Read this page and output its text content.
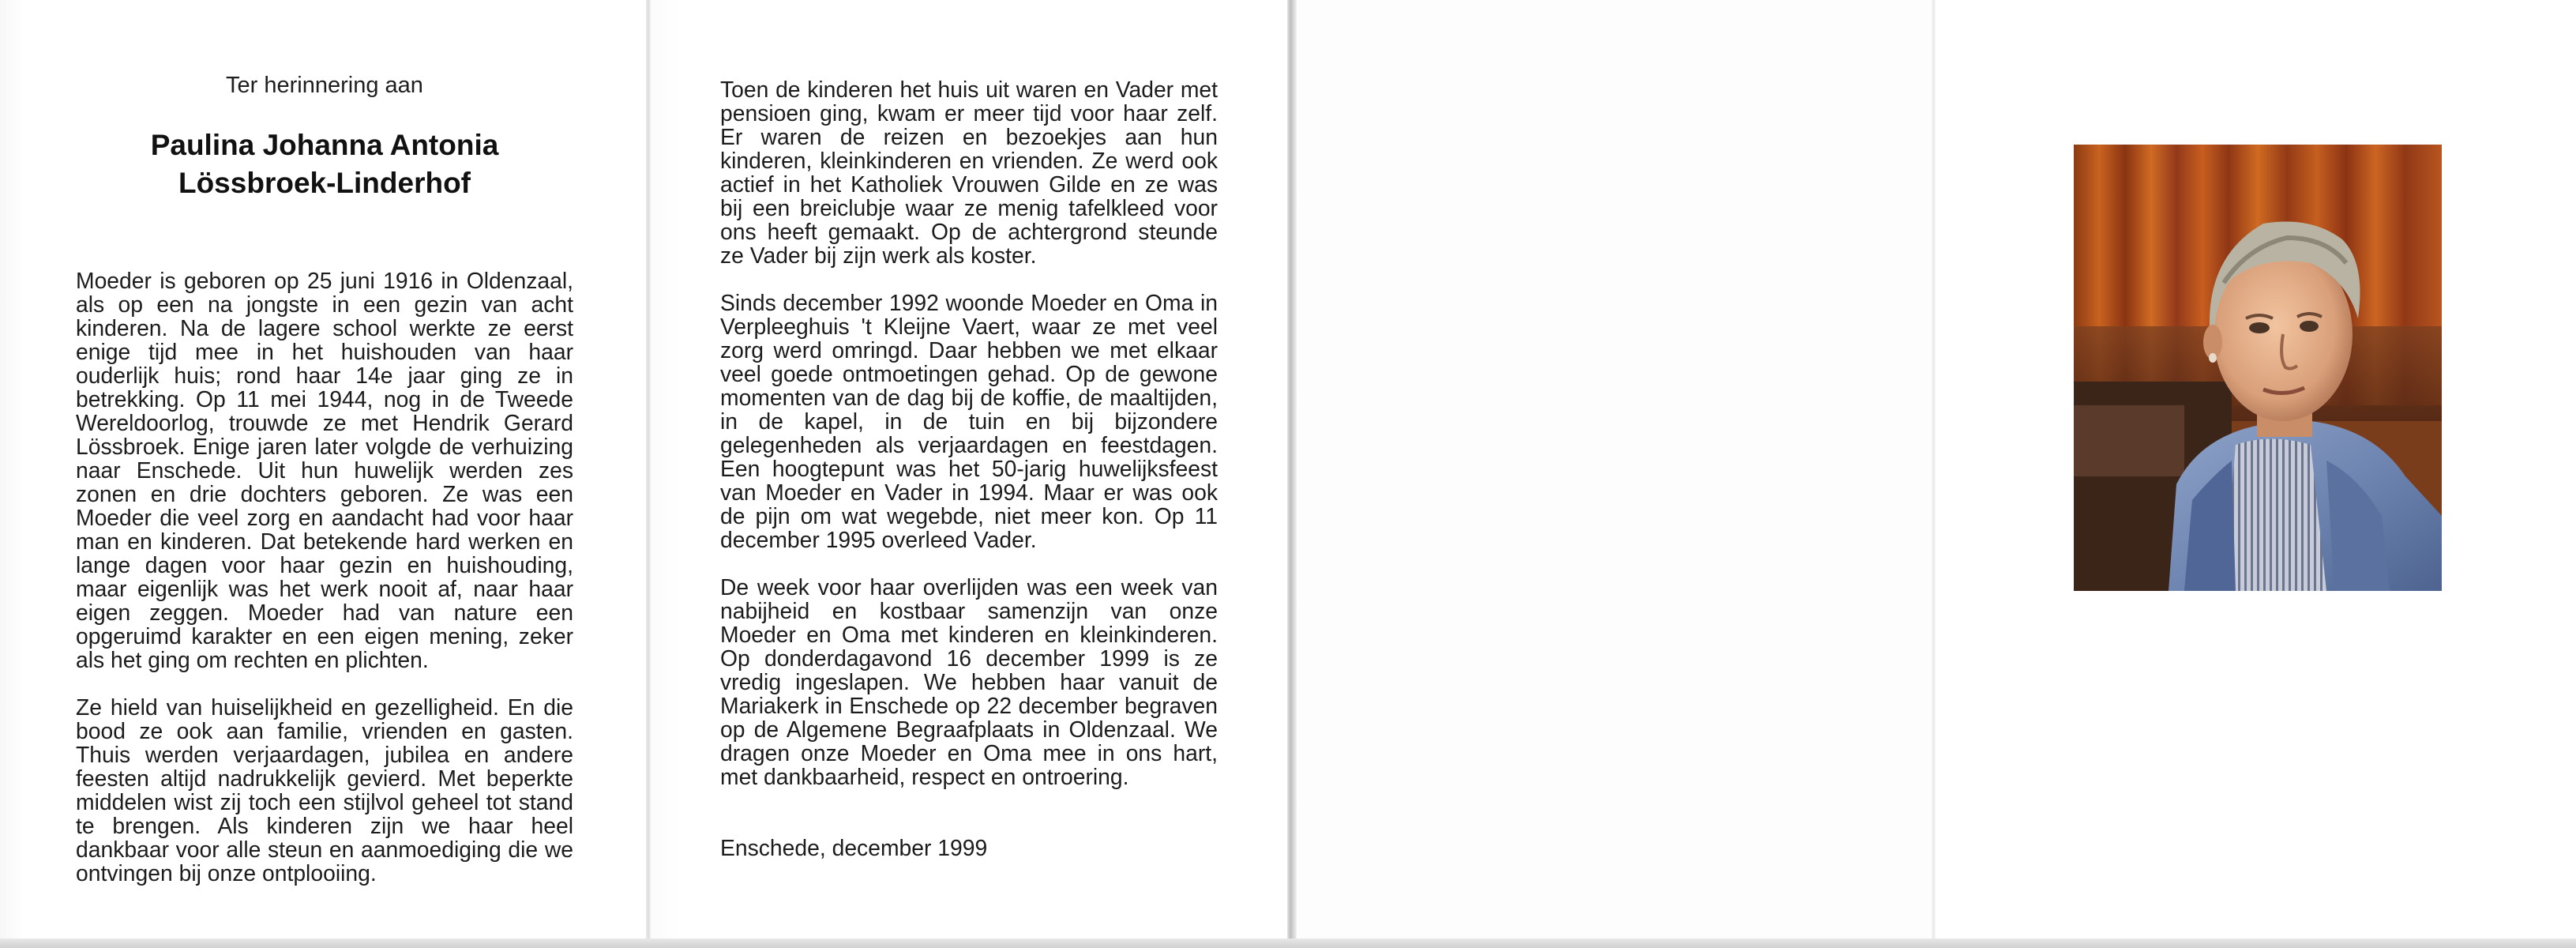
Ter herinnering aan
Paulina Johanna Antonia
Lössbroek-Linderhof

Moeder is geboren op 25 juni 1916 in Oldenzaal, als op een na jongste in een gezin van acht kinderen. Na de lagere school werkte ze eerst enige tijd mee in het huishouden van haar ouderlijk huis; rond haar 14e jaar ging ze in betrekking. Op 11 mei 1944, nog in de Tweede Wereldoorlog, trouwde ze met Hendrik Gerard Lössbroek. Enige jaren later volgde de verhuizing naar Enschede. Uit hun huwelijk werden zes zonen en drie dochters geboren. Ze was een Moeder die veel zorg en aandacht had voor haar man en kinderen. Dat betekende hard werken en lange dagen voor haar gezin en huishouding, maar eigenlijk was het werk nooit af, naar haar eigen zeggen. Moeder had van nature een opgeruimd karakter en een eigen mening, zeker als het ging om rechten en plichten.

Ze hield van huiselijkheid en gezelligheid. En die bood ze ook aan familie, vrienden en gasten. Thuis werden verjaardagen, jubilea en andere feesten altijd nadrukkelijk gevierd. Met beperkte middelen wist zij toch een stijlvol geheel tot stand te brengen. Als kinderen zijn we haar heel dankbaar voor alle steun en aanmoediging die we ontvingen bij onze ontplooiing.

Toen de kinderen het huis uit waren en Vader met pensioen ging, kwam er meer tijd voor haar zelf. Er waren de reizen en bezoekjes aan hun kinderen, kleinkinderen en vrienden. Ze werd ook actief in het Katholiek Vrouwen Gilde en ze was bij een breiclubje waar ze menig tafelkleed voor ons heeft gemaakt. Op de achtergrond steunde ze Vader bij zijn werk als koster.

Sinds december 1992 woonde Moeder en Oma in Verpleeghuis 't Kleijne Vaert, waar ze met veel zorg werd omringd. Daar hebben we met elkaar veel goede ontmoetingen gehad. Op de gewone momenten van de dag bij de koffie, de maaltijden, in de kapel, in de tuin en bij bijzondere gelegenheden als verjaardagen en feestdagen. Een hoogtepunt was het 50-jarig huwelijksfeest van Moeder en Vader in 1994. Maar er was ook de pijn om wat wegebde, niet meer kon. Op 11 december 1995 overleed Vader.

De week voor haar overlijden was een week van nabijheid en kostbaar samenzijn van onze Moeder en Oma met kinderen en kleinkinderen. Op donderdagavond 16 december 1999 is ze vredig ingeslapen. We hebben haar vanuit de Mariakerk in Enschede op 22 december begraven op de Algemene Begraafplaats in Oldenzaal. We dragen onze Moeder en Oma mee in ons hart, met dankbaarheid, respect en ontroering.

Enschede, december 1999
